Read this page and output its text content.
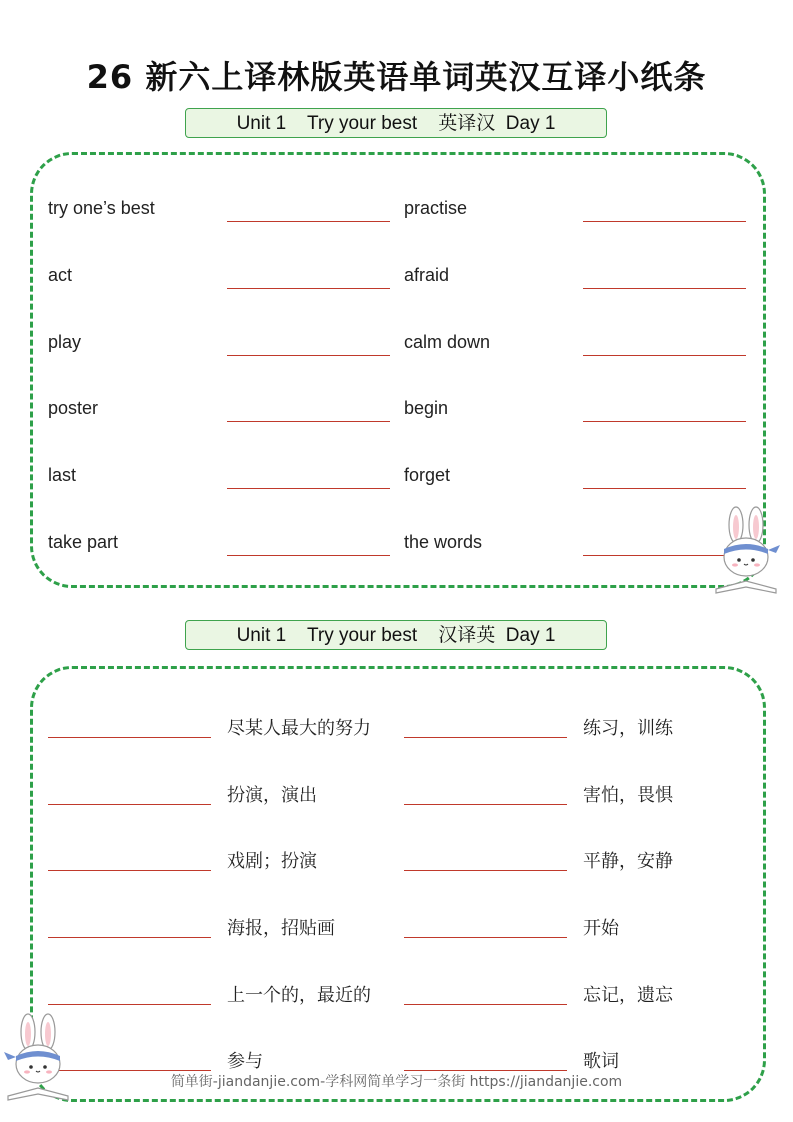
26 新六上译林版英语单词英汉互译小纸条
Unit 1    Try your best    英译汉  Day 1
try one’s best	practise
act	afraid
play	calm down
poster	begin
last	forget
take part	the words
Unit 1    Try your best    汉译英  Day 1
尽某人最大的努力	练习，训练
扮演，演出	害怕，畏惧
戏剧；扮演	平静，安静
海报，招贴画	开始
上一个的，最近的	忘记，遗忘
参与	歌词
简单街-jiandanjie.com-学科网简单学习一条街 https://jiandanjie.com
